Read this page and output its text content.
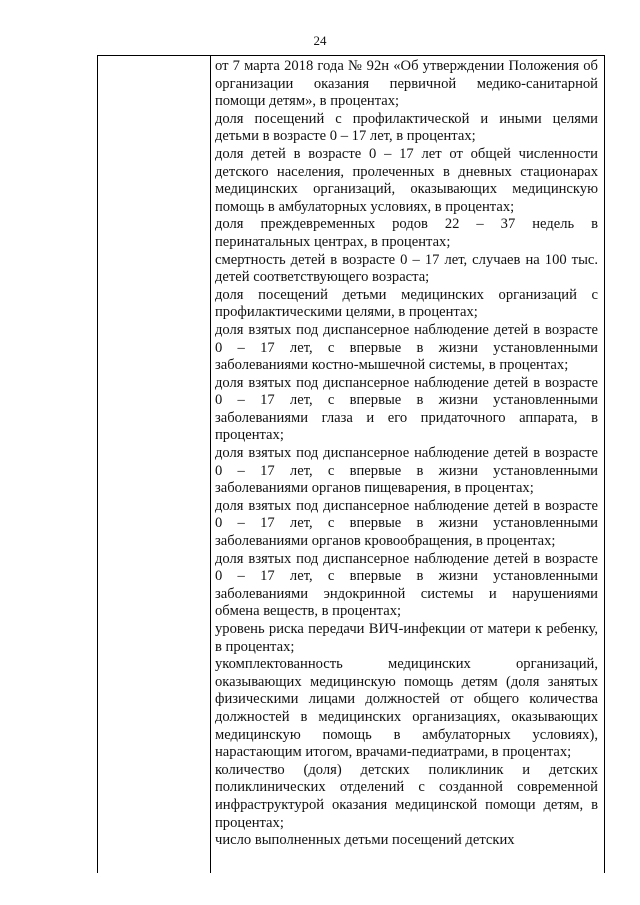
24

от 7 марта 2018 года № 92н «Об утверждении Положения об организации оказания первичной медико-санитарной помощи детям», в процентах;

доля посещений с профилактической и иными целями детьми в возрасте 0 – 17 лет, в процентах;

доля детей в возрасте 0 – 17 лет от общей численности детского населения, пролеченных в дневных стационарах медицинских организаций, оказывающих медицинскую помощь в амбулаторных условиях, в процентах;

доля преждевременных родов 22 – 37 недель в перинатальных центрах, в процентах;

смертность детей в возрасте 0 – 17 лет, случаев на 100 тыс. детей соответствующего возраста;

доля посещений детьми медицинских организаций с профилактическими целями, в процентах;

доля взятых под диспансерное наблюдение детей в возрасте 0 – 17 лет, с впервые в жизни установленными заболеваниями костно-мышечной системы, в процентах;

доля взятых под диспансерное наблюдение детей в возрасте 0 – 17 лет, с впервые в жизни установленными заболеваниями глаза и его придаточного аппарата, в процентах;

доля взятых под диспансерное наблюдение детей в возрасте 0 – 17 лет, с впервые в жизни установленными заболеваниями органов пищеварения, в процентах;

доля взятых под диспансерное наблюдение детей в возрасте 0 – 17 лет, с впервые в жизни установленными заболеваниями органов кровообращения, в процентах;

доля взятых под диспансерное наблюдение детей в возрасте 0 – 17 лет, с впервые в жизни установленными заболеваниями эндокринной системы и нарушениями обмена веществ, в процентах;

уровень риска передачи ВИЧ-инфекции от матери к ребенку, в процентах;

укомплектованность медицинских организаций, оказывающих медицинскую помощь детям (доля занятых физическими лицами должностей от общего количества должностей в медицинских организациях, оказывающих медицинскую помощь в амбулаторных условиях), нарастающим итогом, врачами-педиатрами, в процентах;

количество (доля) детских поликлиник и детских поликлинических отделений с созданной современной инфраструктурой оказания медицинской помощи детям, в процентах;

число выполненных детьми посещений детских
